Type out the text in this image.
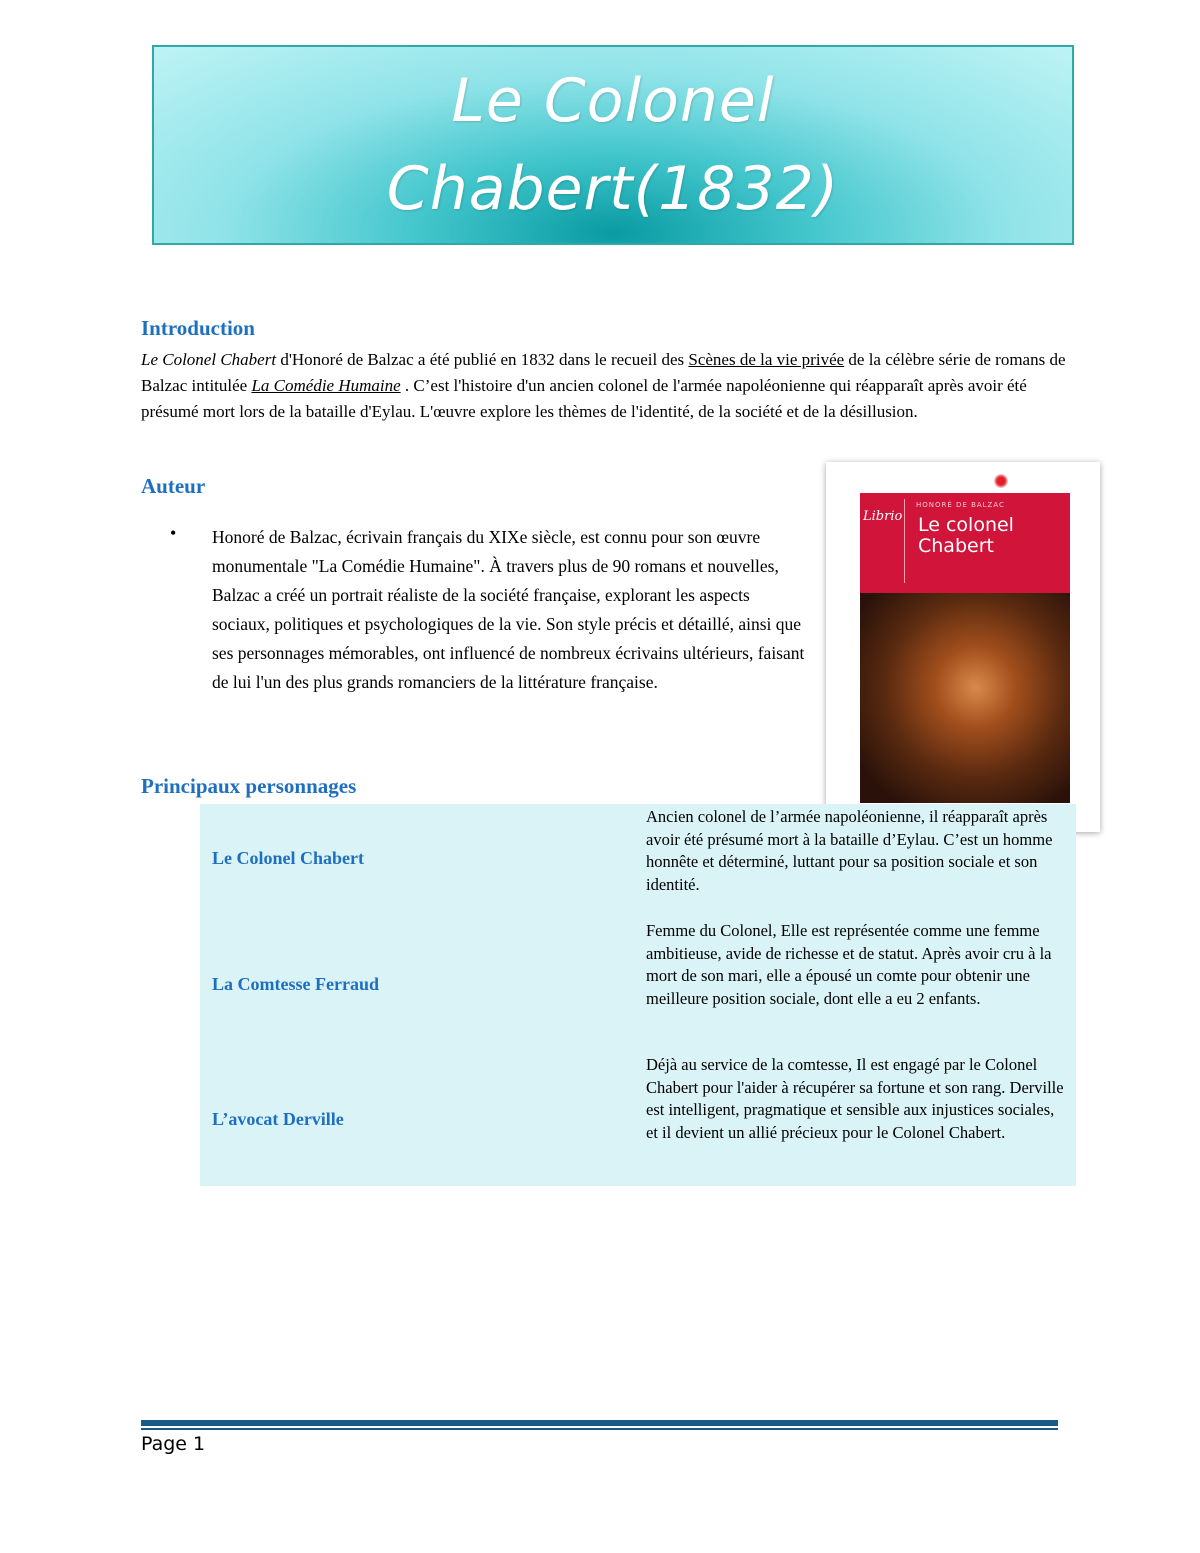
Le Colonel
Chabert(1832)
Introduction
Le Colonel Chabert d'Honoré de Balzac a été publié en 1832 dans le recueil des Scènes de la vie privée de la célèbre série de romans de Balzac intitulée La Comédie Humaine . C’est l'histoire d'un ancien colonel de l'armée napoléonienne qui réapparaît après avoir été présumé mort lors de la bataille d'Eylau. L'œuvre explore les thèmes de l'identité, de la société et de la désillusion.
Auteur
• Honoré de Balzac, écrivain français du XIXe siècle, est connu pour son œuvre monumentale "La Comédie Humaine". À travers plus de 90 romans et nouvelles, Balzac a créé un portrait réaliste de la société française, explorant les aspects sociaux, politiques et psychologiques de la vie. Son style précis et détaillé, ainsi que ses personnages mémorables, ont influencé de nombreux écrivains ultérieurs, faisant de lui l'un des plus grands romanciers de la littérature française.
Librio
HONORÉ DE BALZAC
Le colonel
Chabert
Principaux personnages
Le Colonel Chabert
Ancien colonel de l’armée napoléonienne, il réapparaît après avoir été présumé mort à la bataille d’Eylau. C’est un homme honnête et déterminé, luttant pour sa position sociale et son identité.
La Comtesse Ferraud
Femme du Colonel, Elle est représentée comme une femme ambitieuse, avide de richesse et de statut. Après avoir cru à la mort de son mari, elle a épousé un comte pour obtenir une meilleure position sociale, dont elle a eu 2 enfants.
L’avocat Derville
Déjà au service de la comtesse, Il est engagé par le Colonel Chabert pour l'aider à récupérer sa fortune et son rang. Derville est intelligent, pragmatique et sensible aux injustices sociales, et il devient un allié précieux pour le Colonel Chabert.
Page 1
